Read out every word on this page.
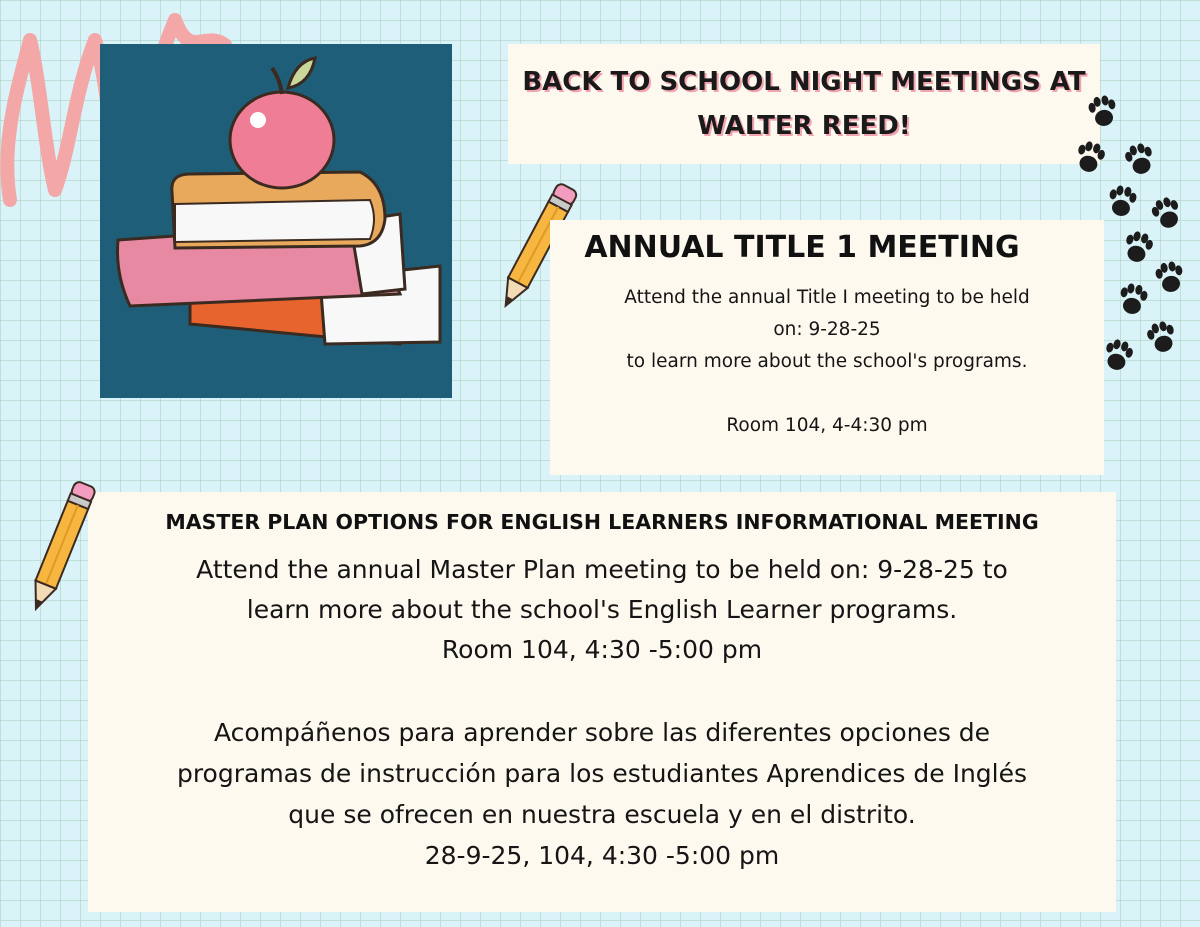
BACK TO SCHOOL NIGHT MEETINGS AT
WALTER REED!
ANNUAL TITLE 1 MEETING
Attend the annual Title I meeting to be held
on: 9-28-25
to learn more about the school's programs.
Room 104, 4-4:30 pm
MASTER PLAN OPTIONS FOR ENGLISH LEARNERS INFORMATIONAL MEETING
Attend the annual Master Plan meeting to be held on: 9-28-25 to
learn more about the school's English Learner programs.
Room 104, 4:30 -5:00 pm
Acompáñenos para aprender sobre las diferentes opciones de
programas de instrucción para los estudiantes Aprendices de Inglés
que se ofrecen en nuestra escuela y en el distrito.
28-9-25, 104, 4:30 -5:00 pm
